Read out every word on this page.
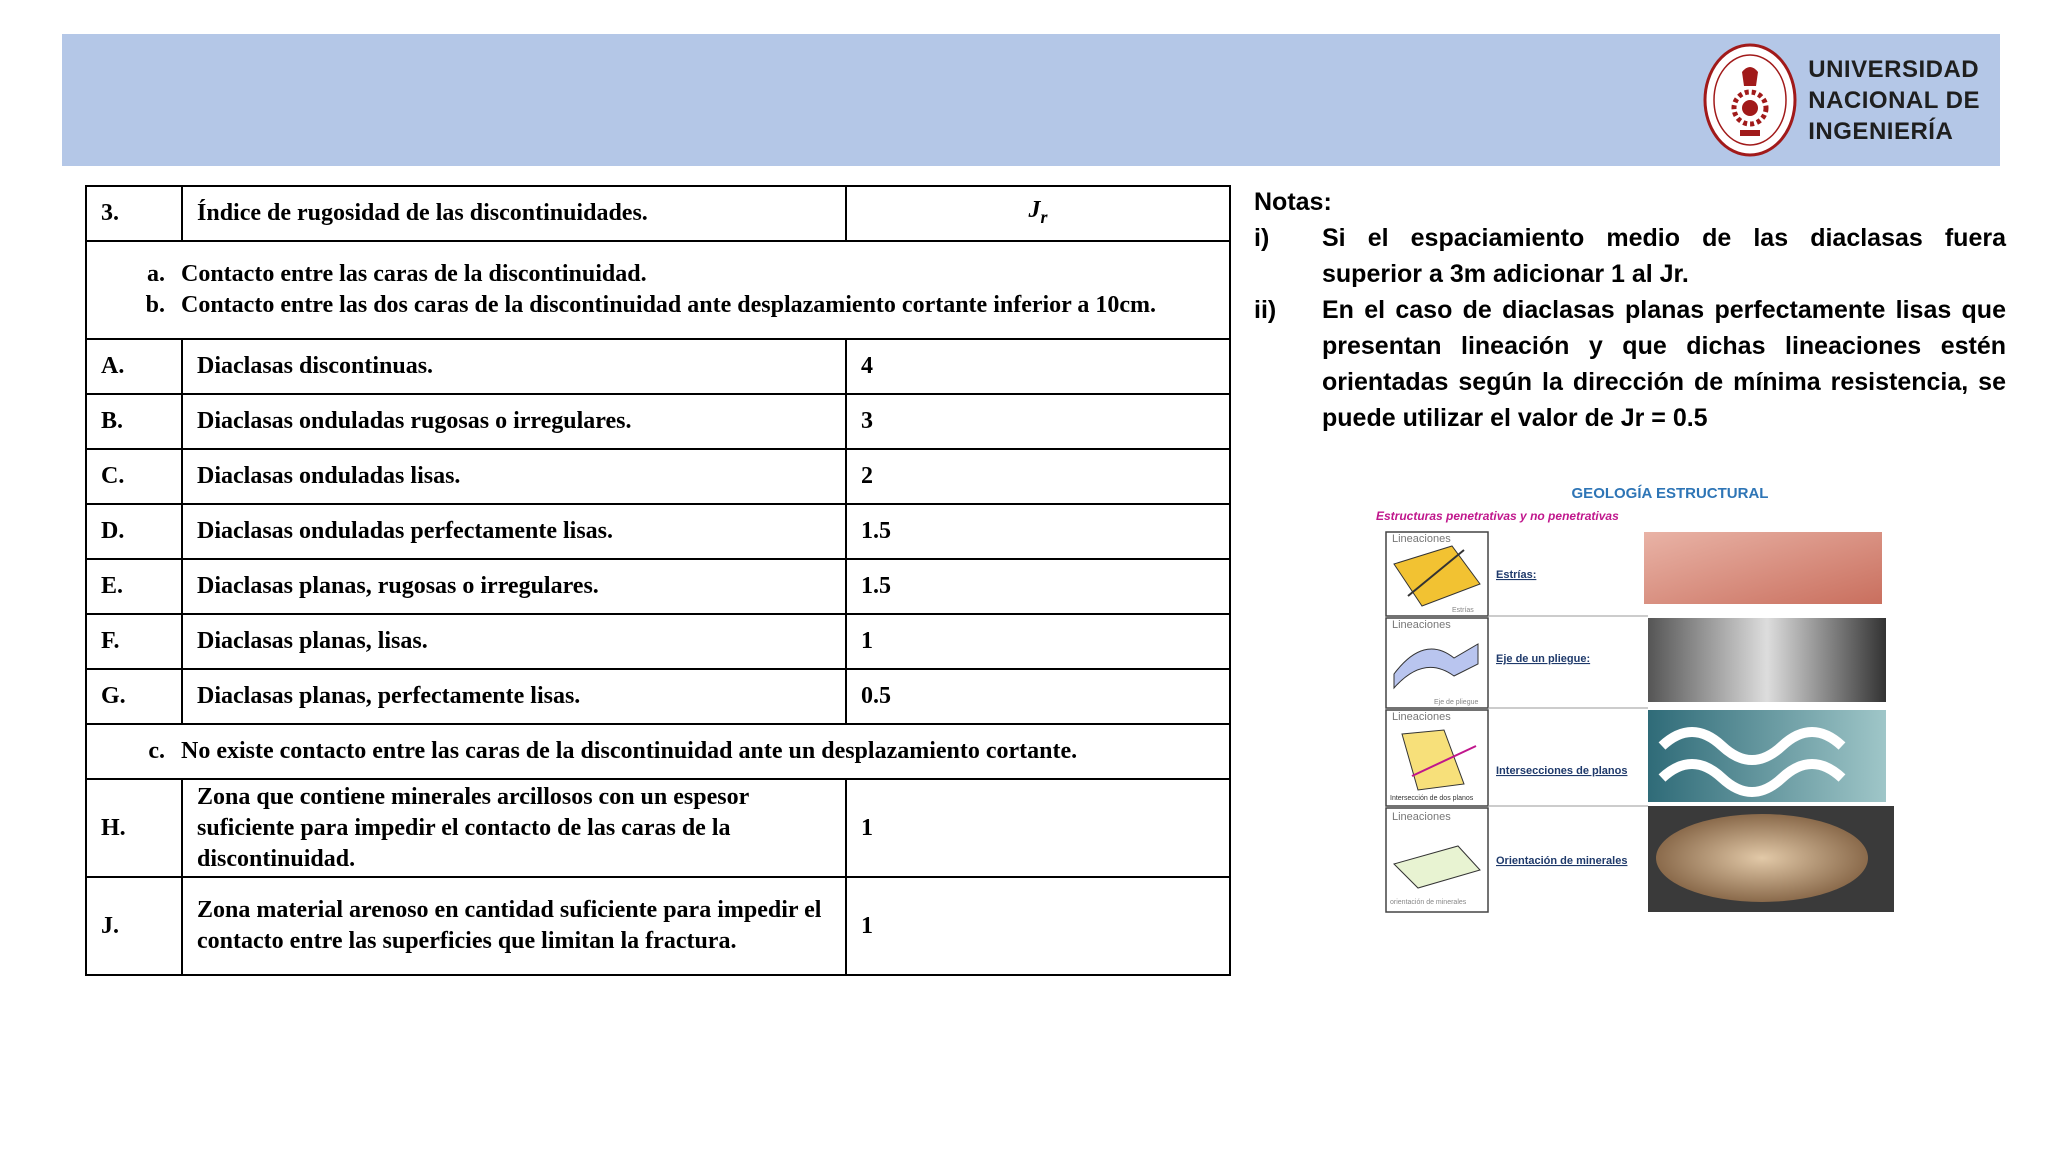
UNIVERSIDAD
NACIONAL DE
INGENIERÍA
3.	Índice de rugosidad de las discontinuidades.	$J_r$

a. Contacto entre las caras de la discontinuidad.
b. Contacto entre las dos caras de la discontinuidad ante desplazamiento cortante inferior a 10cm.		

A.	Diaclasas discontinuas.	4
B.	Diaclasas onduladas rugosas o irregulares.	3
C.	Diaclasas onduladas lisas.	2
D.	Diaclasas onduladas perfectamente lisas.	1.5
E.	Diaclasas planas, rugosas o irregulares.	1.5
F.	Diaclasas planas, lisas.	1
G.	Diaclasas planas, perfectamente lisas.	0.5

c. No existe contacto entre las caras de la discontinuidad ante un desplazamiento cortante.		

H.	Zona que contiene minerales arcillosos con un espesor suficiente para impedir el contacto de las caras de la discontinuidad.	1
J.	Zona material arenoso en cantidad suficiente para impedir el contacto entre las superficies que limitan la fractura.	1
Notas:
i)	Si el espaciamiento medio de las diaclasas fuera superior a 3m adicionar 1 al Jr.
ii)	En el caso de diaclasas planas perfectamente lisas que presentan lineación y que dichas lineaciones estén orientadas según la dirección de mínima resistencia, se puede utilizar el valor de Jr = 0.5
GEOLOGÍA ESTRUCTURAL
Estructuras penetrativas y no penetrativas
Lineaciones
Estrías
Estrías:
Lineaciones
Eje de pliegue
Eje de un pliegue:
Lineaciones
Intersección de dos planos
Intersecciones de planos
Lineaciones
orientación de minerales
Orientación de minerales
